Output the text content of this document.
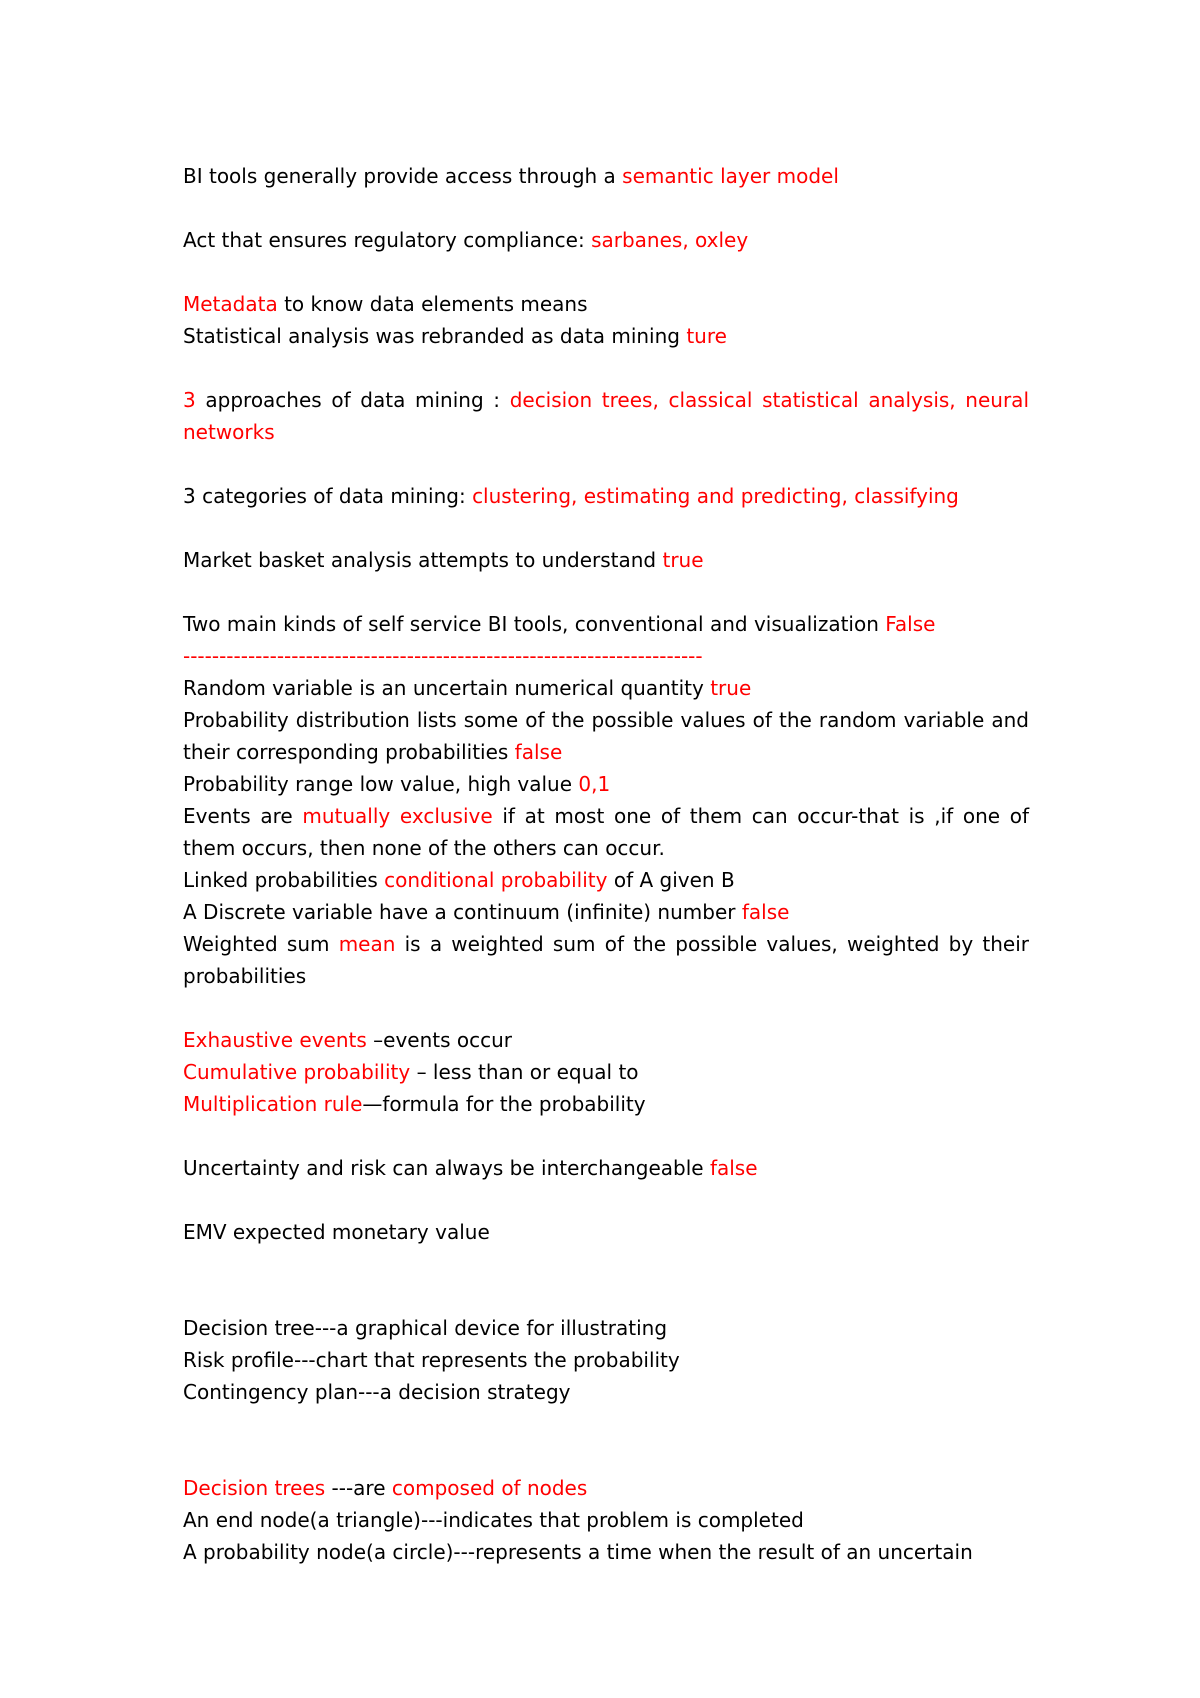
BI tools generally provide access through a semantic layer model

Act that ensures regulatory compliance: sarbanes, oxley

Metadata to know data elements means

Statistical analysis was rebranded as data mining ture

3 approaches of data mining : decision trees, classical statistical analysis, neural networks

3 categories of data mining: clustering, estimating and predicting, classifying

Market basket analysis attempts to understand true

Two main kinds of self service BI tools, conventional and visualization False

------------------------------------------------------------------------

Random variable is an uncertain numerical quantity true

Probability distribution lists some of the possible values of the random variable and their corresponding probabilities false

Probability range low value, high value 0,1

Events are mutually exclusive if at most one of them can occur-that is ,if one of them occurs, then none of the others can occur.

Linked probabilities conditional probability of A given B

A Discrete variable have a continuum (infinite) number false

Weighted sum mean is a weighted sum of the possible values, weighted by their probabilities

Exhaustive events –events occur

Cumulative probability – less than or equal to

Multiplication rule—formula for the probability

Uncertainty and risk can always be interchangeable false

EMV expected monetary value

Decision tree---a graphical device for illustrating

Risk profile---chart that represents the probability

Contingency plan---a decision strategy

Decision trees ---are composed of nodes

An end node(a triangle)---indicates that problem is completed

A probability node(a circle)---represents a time when the result of an uncertain
